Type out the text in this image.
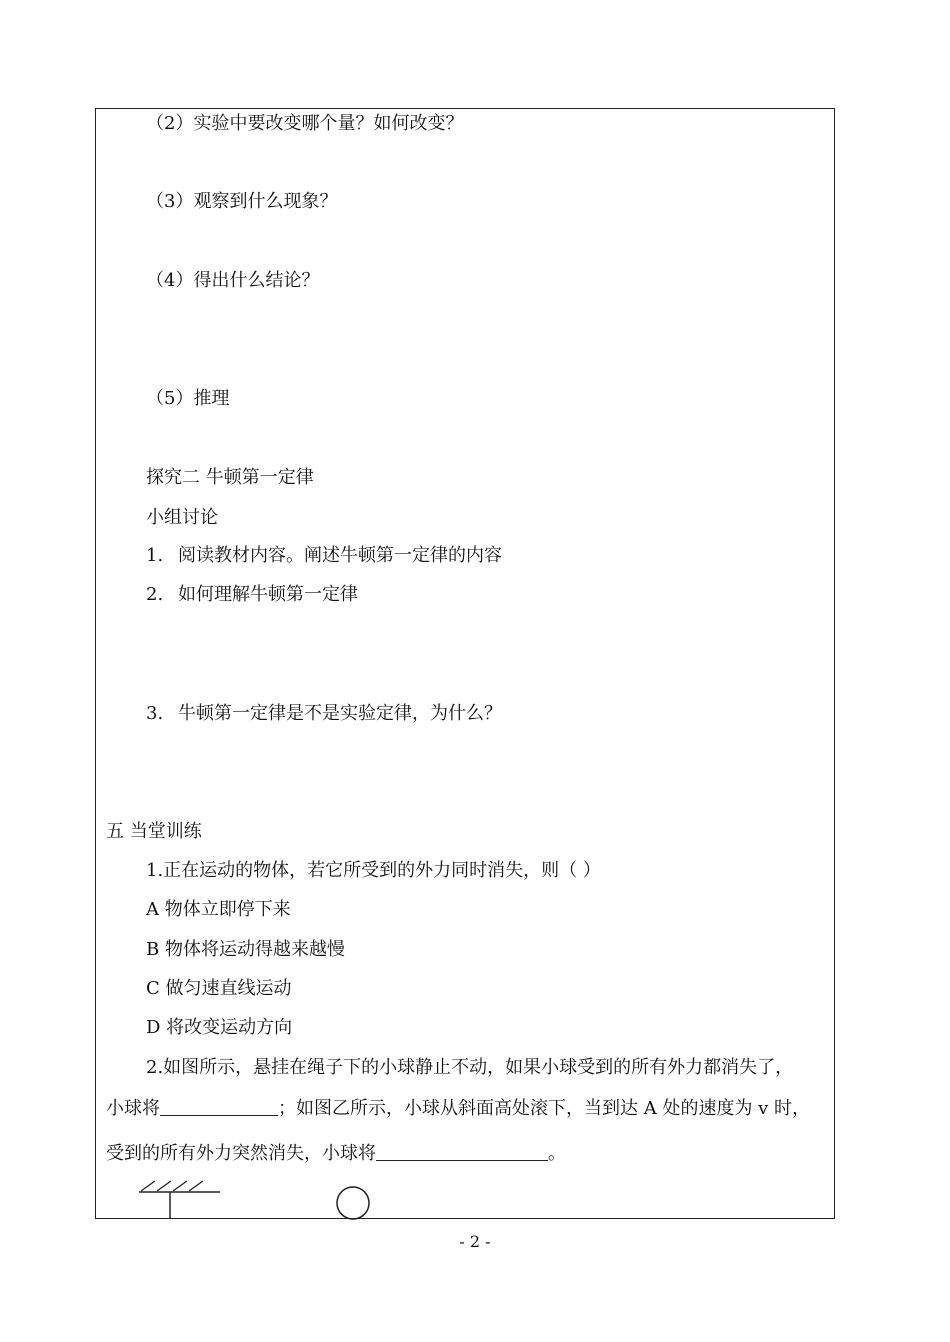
（2）实验中要改变哪个量？如何改变？
（3）观察到什么现象？
（4）得出什么结论？
（5）推理
探究二 牛顿第一定律
小组讨论
1. 阅读教材内容。阐述牛顿第一定律的内容
2. 如何理解牛顿第一定律
3. 牛顿第一定律是不是实验定律，为什么？
五 当堂训练
1.正在运动的物体，若它所受到的外力同时消失，则（ ）
A 物体立即停下来
B 物体将运动得越来越慢
C 做匀速直线运动
D 将改变运动方向
2.如图所示，悬挂在绳子下的小球静止不动，如果小球受到的所有外力都消失了，
小球将	；如图乙所示，小球从斜面高处滚下，当到达 A 处的速度为 v 时，
受到的所有外力突然消失，小球将	。
- 2 -
